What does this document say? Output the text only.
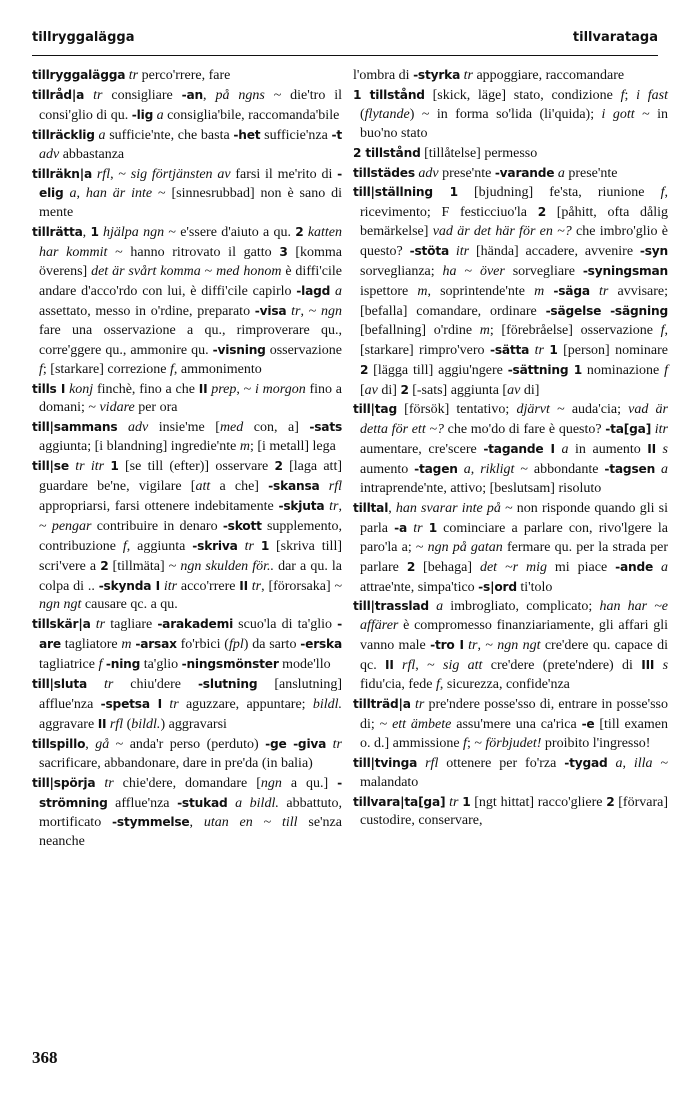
tillryggalägga	tillvarataga
tillryggalägga tr perco'rrere, fare
tillråd|a tr consigliare -an, på ngns ~ die'tro il consi'glio di qu. -lig a consiglia'bile, raccomanda'bile
tillräcklig a sufficie'nte, che basta -het sufficie'nza -t adv abbastanza
tillräkn|a rfl, ~ sig förtjänsten av farsi il me'rito di -elig a, han är inte ~ [sinnesrubbad] non è sano di mente
tillrätta, 1 hjälpa ngn ~ e'ssere d'aiuto a qu. 2 katten har kommit ~ hanno ritrovato il gatto 3 [komma överens] det är svårt komma ~ med honom è diffi'cile andare d'acco'rdo con lui, è diffi'cile capirlo -lagd a assettato, messo in o'rdine, preparato -visa tr, ~ ngn fare una osservazione a qu., rimproverare qu., corre'ggere qu., ammonire qu. -visning osservazione f; [starkare] correzione f, ammonimento
tills I konj finchè, fino a che II prep, ~ i morgon fino a domani; ~ vidare per ora
till|sammans adv insie'me [med con, a] -sats aggiunta; [i blandning] ingredie'nte m; [i metall] lega
till|se tr itr 1 [se till (efter)] osservare 2 [laga att] guardare be'ne, vigilare [att a che] -skansa rfl appropriarsi, farsi ottenere indebitamente -skjuta tr, ~ pengar contribuire in denaro -skott supplemento, contribuzione f, aggiunta -skriva tr 1 [skriva till] scri'vere a 2 [tillmäta] ~ ngn skulden för.. dar a qu. la colpa di .. -skynda I itr acco'rrere II tr, [förorsaka] ~ ngn ngt causare qc. a qu.
tillskär|a tr tagliare -arakademi scuo'la di ta'glio -are tagliatore m -arsax fo'rbici (fpl) da sarto -erska tagliatrice f -ning ta'glio -ningsmönster mode'llo
till|sluta tr chiu'dere -slutning [anslutning] affluе'nza -spetsa I tr aguzzare, appuntare; bildl. aggravare II rfl (bildl.) aggravarsi
tillspillo, gå ~ anda'r perso (perduto) -ge -giva tr sacrificare, abbandonare, dare in pre'da (in balia)
till|spörja tr chie'dere, domandare [ngn a qu.] -strömning affluе'nza -stukad a bildl. abbattuto, mortificato -stymmelse, utan en ~ till se'nza neanche
l'ombra di -styrka tr appoggiare, raccomandare
1 tillstånd [skick, läge] stato, condizione f; i fast (flytande) ~ in forma so'lida (li'quida); i gott ~ in buo'no stato
2 tillstånd [tillåtelse] permesso
tillstädes adv prese'nte -varande a prese'nte
till|ställning 1 [bjudning] fe'sta, riunione f, ricevimento; F festicciuo'la 2 [påhitt, ofta dålig bemärkelse] vad är det här för en ~? che imbro'glio è questo? -stöta itr [hända] accadere, avvenire -syn sorveglianza; ha ~ över sorvegliare -syningsman ispettore m, soprintende'nte m -säga tr avvisare; [befalla] comandare, ordinare -sägelse -sägning [befallning] o'rdine m; [förebråelse] osservazione f, [starkare] rimpro'vero -sätta tr 1 [person] nominare 2 [lägga till] aggiu'ngere -sättning 1 nominazione f [av di] 2 [-sats] aggiunta [av di]
till|tag [försök] tentativo; djärvt ~ auda'cia; vad är detta för ett ~? che mo'do di fare è questo? -ta[ga] itr aumentare, cre'scere -tagande I a in aumento II s aumento -tagen a, rikligt ~ abbondante -tagsen a intraprende'nte, attivo; [beslutsam] risoluto
tilltal, han svarar inte på ~ non risponde quando gli si parla -a tr 1 cominciare a parlare con, rivo'lgere la paro'la a; ~ ngn på gatan fermare qu. per la strada per parlare 2 [behaga] det ~r mig mi piace -ande a attrae'nte, simpa'tico -s|ord ti'tolo
till|trasslad a imbrogliato, complicato; han har ~e affärer è compromesso finanziariamente, gli affari gli vanno male -tro I tr, ~ ngn ngt cre'dere qu. capace di qc. II rfl, ~ sig att cre'dere (prete'ndere) di III s fidu'cia, fede f, sicurezza, confide'nza
tillträd|a tr pre'ndere posse'sso di, entrare in posse'sso di; ~ ett ämbete assu'mere una ca'rica -e [till examen o. d.] ammissione f; ~ förbjudet! proibito l'ingresso!
till|tvinga rfl ottenere per fo'rza -tygad a, illa ~ malandato
tillvara|ta[ga] tr 1 [ngt hittat] racco'gliere 2 [förvara] custodire, conservare,
368
